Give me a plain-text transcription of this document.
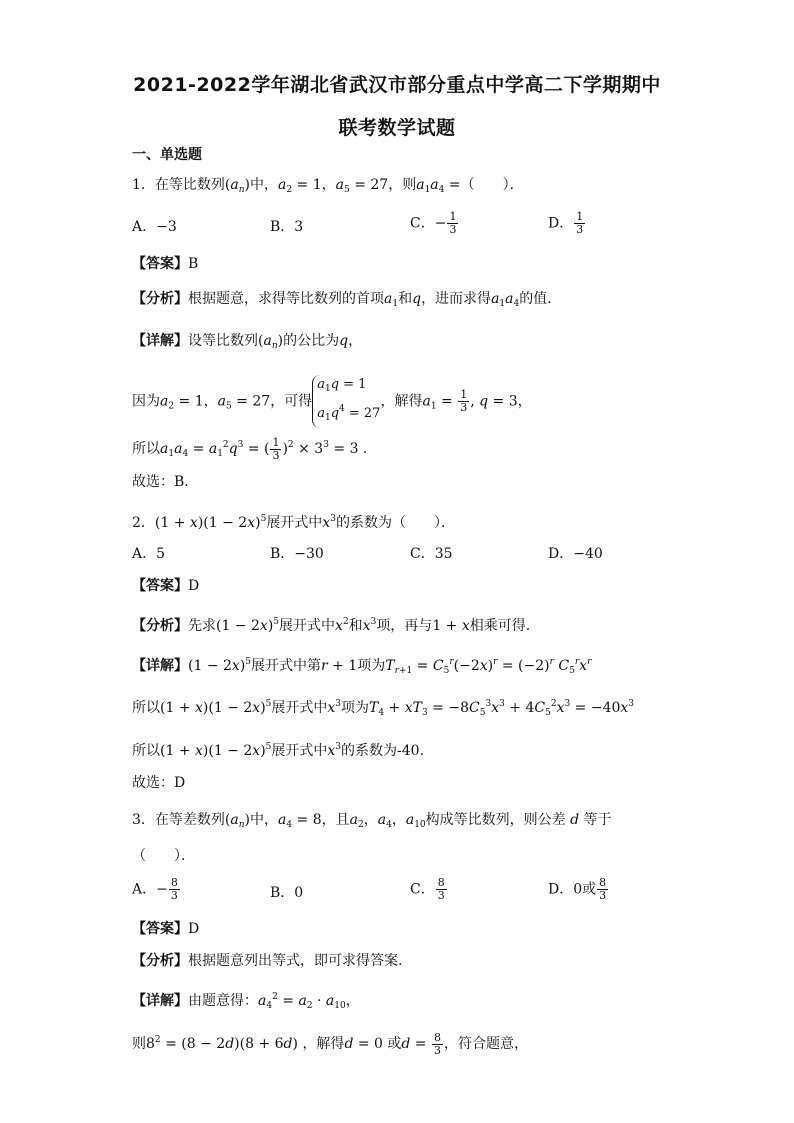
2021-2022学年湖北省武汉市部分重点中学高二下学期期中
联考数学试题
一、单选题
1．在等比数列$(a_n)$中，$a_2 = 1$，$a_5 = 27$，则$a_1a_4$ =（　　）．
A．−3	B．3	C．− $\frac{1}{3}$	D． $\frac{1}{3}$
【答案】B
【分析】根据题意，求得等比数列的首项$a_1$和q，进而求得$a_1a_4$的值.
【详解】设等比数列$(a_n)$的公比为q，
因为$a_2 = 1$，$a_5 = 27$，可得
$a_1q = 1$
$a_1q^4 = 27$
，解得$a_1 = \frac{1}{3}$ , q = 3，
所以$a_1a_4 = a_1^2q^3$ = ( $\frac{1}{3} )^2 \times 3^3 = 3$ .
故选：B.
2．$(1 + x)(1 - 2x)^5$展开式中$x^3$的系数为（　　）．
A．5	B．−30	C．35	D．−40
【答案】D
【分析】先求$(1 - 2x)^5$展开式中$x^2$和$x^3$项，再与1 + x相乘可得.
【详解】$(1 - 2x)^5$展开式中第r + 1项为$T_{r+1} = C_5^r(-2x)^r = (-2)^r$ $C_5^rx^r$
所以$(1 + x)(1 - 2x)^5$展开式中$x^3$项为$T_4 + xT_3 = -8C_5^3x^3 + 4C_5^2x^3 = -40x^3$
所以$(1 + x)(1 - 2x)^5$展开式中$x^3$的系数为-40.
故选：D
3．在等差数列$(a_n)$中，$a_4 = 8$，且$a_2$，$a_4$，$a_{10}$构成等比数列，则公差 d 等于
（　　）．
A．− $\frac{8}{3}$	B．0	C． $\frac{8}{3}$	D．0或 $\frac{8}{3}$
【答案】D
【分析】根据题意列出等式，即可求得答案.
【详解】由题意得：$a_4^2 = a_2 \cdot a_{10}$，
则$8^2 = (8 - 2d)(8 + 6d)$ ，解得d = 0 或$d = \frac{8}{3}$ ，符合题意，
